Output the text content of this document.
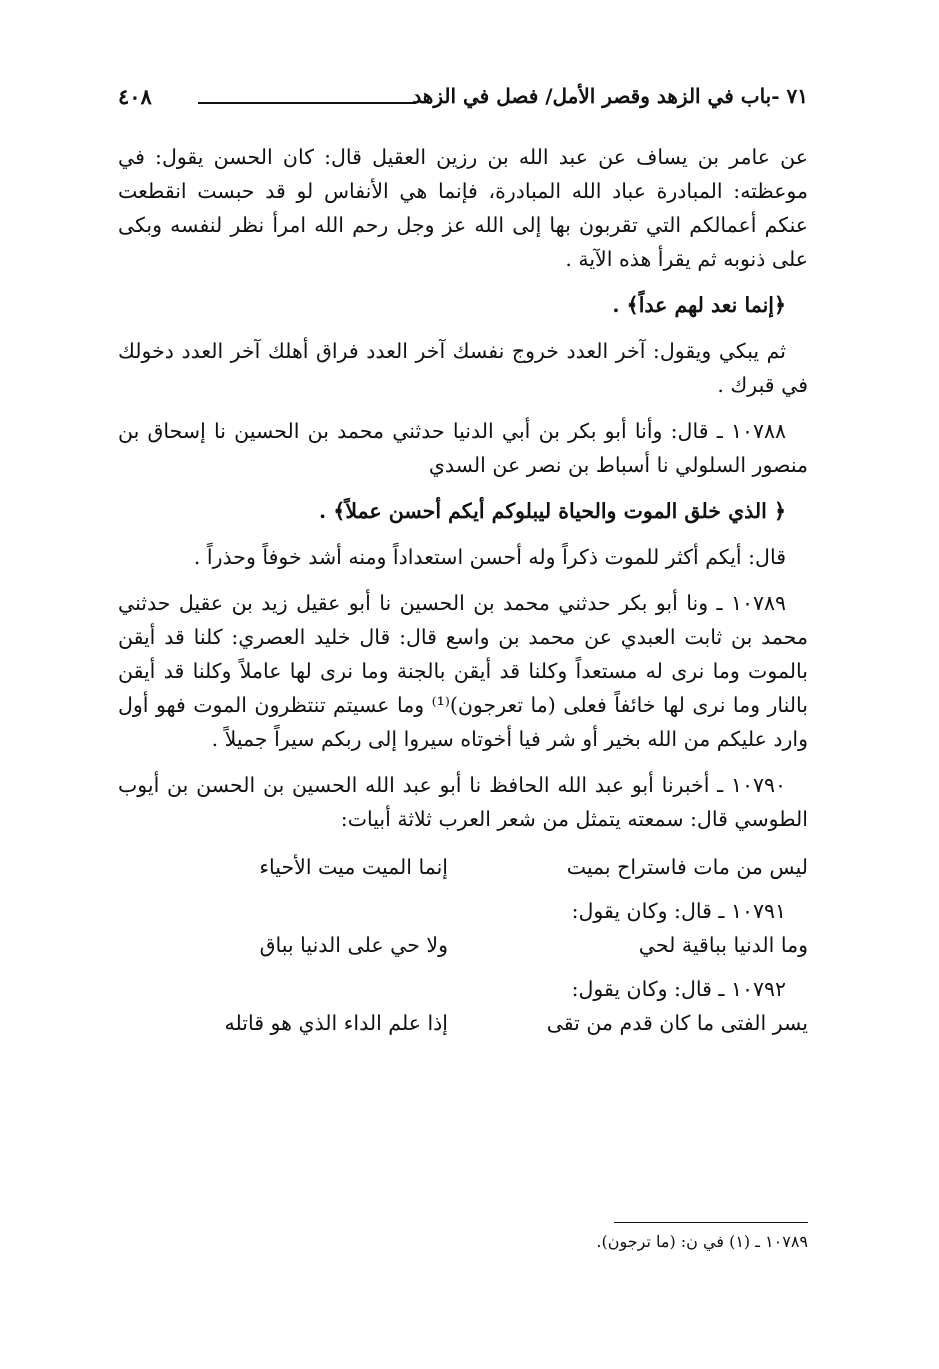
٧١ -باب في الزهد وقصر الأمل/ فصل في الزهد
٤٠٨

عن عامر بن يساف عن عبد الله بن رزين العقيل قال: كان الحسن يقول: في موعظته: المبادرة عباد الله المبادرة، فإنما هي الأنفاس لو قد حبست انقطعت عنكم أعمالكم التي تقربون بها إلى الله عز وجل رحم الله امرأ نظر لنفسه وبكى على ذنوبه ثم يقرأ هذه الآية .

﴿إنما نعد لهم عداً﴾ .

ثم يبكي ويقول: آخر العدد خروج نفسك آخر العدد فراق أهلك آخر العدد دخولك في قبرك .

١٠٧٨٨ ـ قال: وأنا أبو بكر بن أبي الدنيا حدثني محمد بن الحسين نا إسحاق بن منصور السلولي نا أسباط بن نصر عن السدي

﴿ الذي خلق الموت والحياة ليبلوكم أيكم أحسن عملاً﴾ .

قال: أيكم أكثر للموت ذكراً وله أحسن استعداداً ومنه أشد خوفاً وحذراً .

١٠٧٨٩ ـ ونا أبو بكر حدثني محمد بن الحسين نا أبو عقيل زيد بن عقيل حدثني محمد بن ثابت العبدي عن محمد بن واسع قال: قال خليد العصري: كلنا قد أيقن بالموت وما نرى له مستعداً وكلنا قد أيقن بالجنة وما نرى لها عاملاً وكلنا قد أيقن بالنار وما نرى لها خائفاً فعلى (ما تعرجون)⁽¹⁾ وما عسيتم تنتظرون الموت فهو أول وارد عليكم من الله بخير أو شر فيا أخوتاه سيروا إلى ربكم سيراً جميلاً .

١٠٧٩٠ ـ أخبرنا أبو عبد الله الحافظ نا أبو عبد الله الحسين بن الحسن بن أيوب الطوسي قال: سمعته يتمثل من شعر العرب ثلاثة أبيات:

ليس من مات فاستراح بميت
إنما الميت ميت الأحياء

١٠٧٩١ ـ قال: وكان يقول:

وما الدنيا بباقية لحي
ولا حي على الدنيا بباق

١٠٧٩٢ ـ قال: وكان يقول:

يسر الفتى ما كان قدم من تقى
إذا علم الداء الذي هو قاتله
١٠٧٨٩ ـ (١) في ن: (ما ترجون).
